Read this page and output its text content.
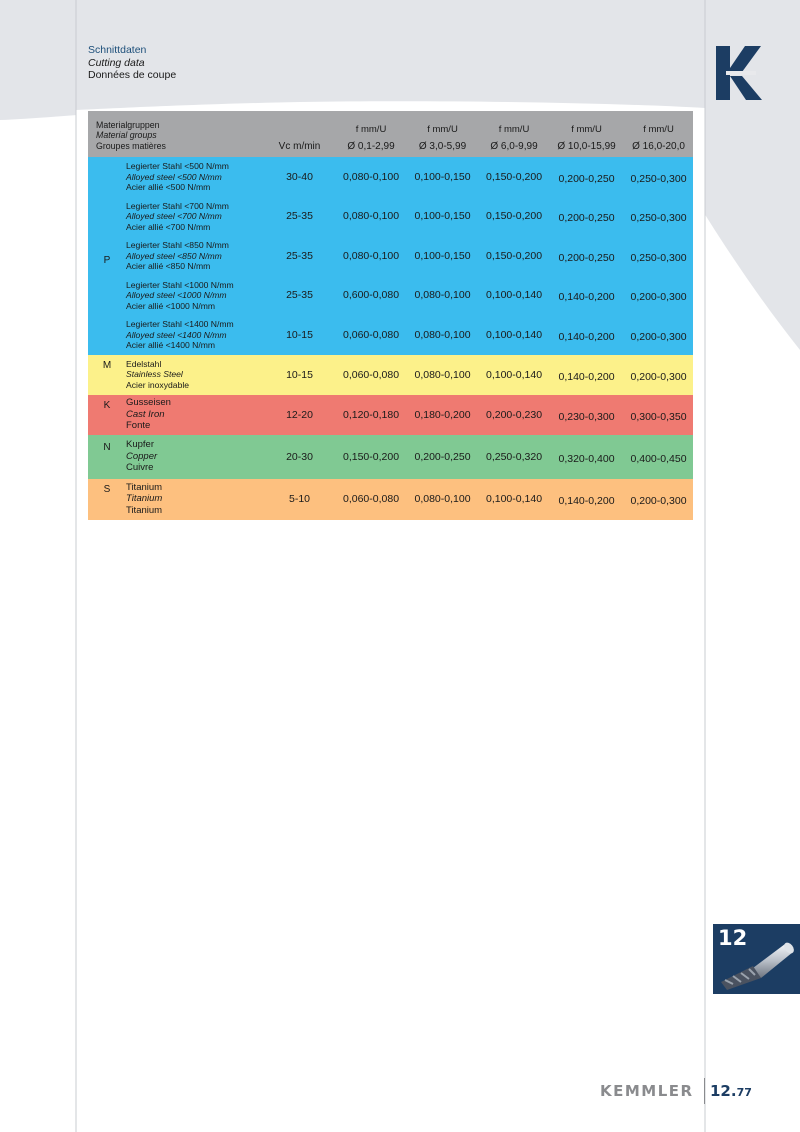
Schnittdaten
Cutting data
Données de coupe
Materialgruppen
Material groups
Groupes matières			f mm/U	f mm/U	f mm/U	f mm/U	f mm/U
		Vc m/min	Ø 0,1-2,99	Ø 3,0-5,99	Ø 6,0-9,99	Ø 10,0-15,99	Ø 16,0-20,0
P	Legierter Stahl <500 N/mm
Alloyed steel <500 N/mm
Acier allié <500 N/mm	30-40	0,080-0,100	0,100-0,150	0,150-0,200	0,200-0,250	0,250-0,300

	Legierter Stahl <700 N/mm
Alloyed steel <700 N/mm
Acier allié <700 N/mm	25-35	0,080-0,100	0,100-0,150	0,150-0,200	0,200-0,250	0,250-0,300

	Legierter Stahl <850 N/mm
Alloyed steel <850 N/mm
Acier allié <850 N/mm	25-35	0,080-0,100	0,100-0,150	0,150-0,200	0,200-0,250	0,250-0,300

	Legierter Stahl <1000 N/mm
Alloyed steel <1000 N/mm
Acier allié <1000 N/mm	25-35	0,600-0,080	0,080-0,100	0,100-0,140	0,140-0,200	0,200-0,300

	Legierter Stahl <1400 N/mm
Alloyed steel <1400 N/mm
Acier allié <1400 N/mm	10-15	0,060-0,080	0,080-0,100	0,100-0,140	0,140-0,200	0,200-0,300
M	Edelstahl
Stainless Steel
Acier inoxydable	10-15	0,060-0,080	0,080-0,100	0,100-0,140	0,140-0,200	0,200-0,300
K	Gusseisen
Cast Iron
Fonte	12-20	0,120-0,180	0,180-0,200	0,200-0,230	0,230-0,300	0,300-0,350
N	Kupfer
Copper
Cuivre	20-30	0,150-0,200	0,200-0,250	0,250-0,320	0,320-0,400	0,400-0,450
S	Titanium
Titanium
Titanium	5-10	0,060-0,080	0,080-0,100	0,100-0,140	0,140-0,200	0,200-0,300
12
KEMMLER 12.77
